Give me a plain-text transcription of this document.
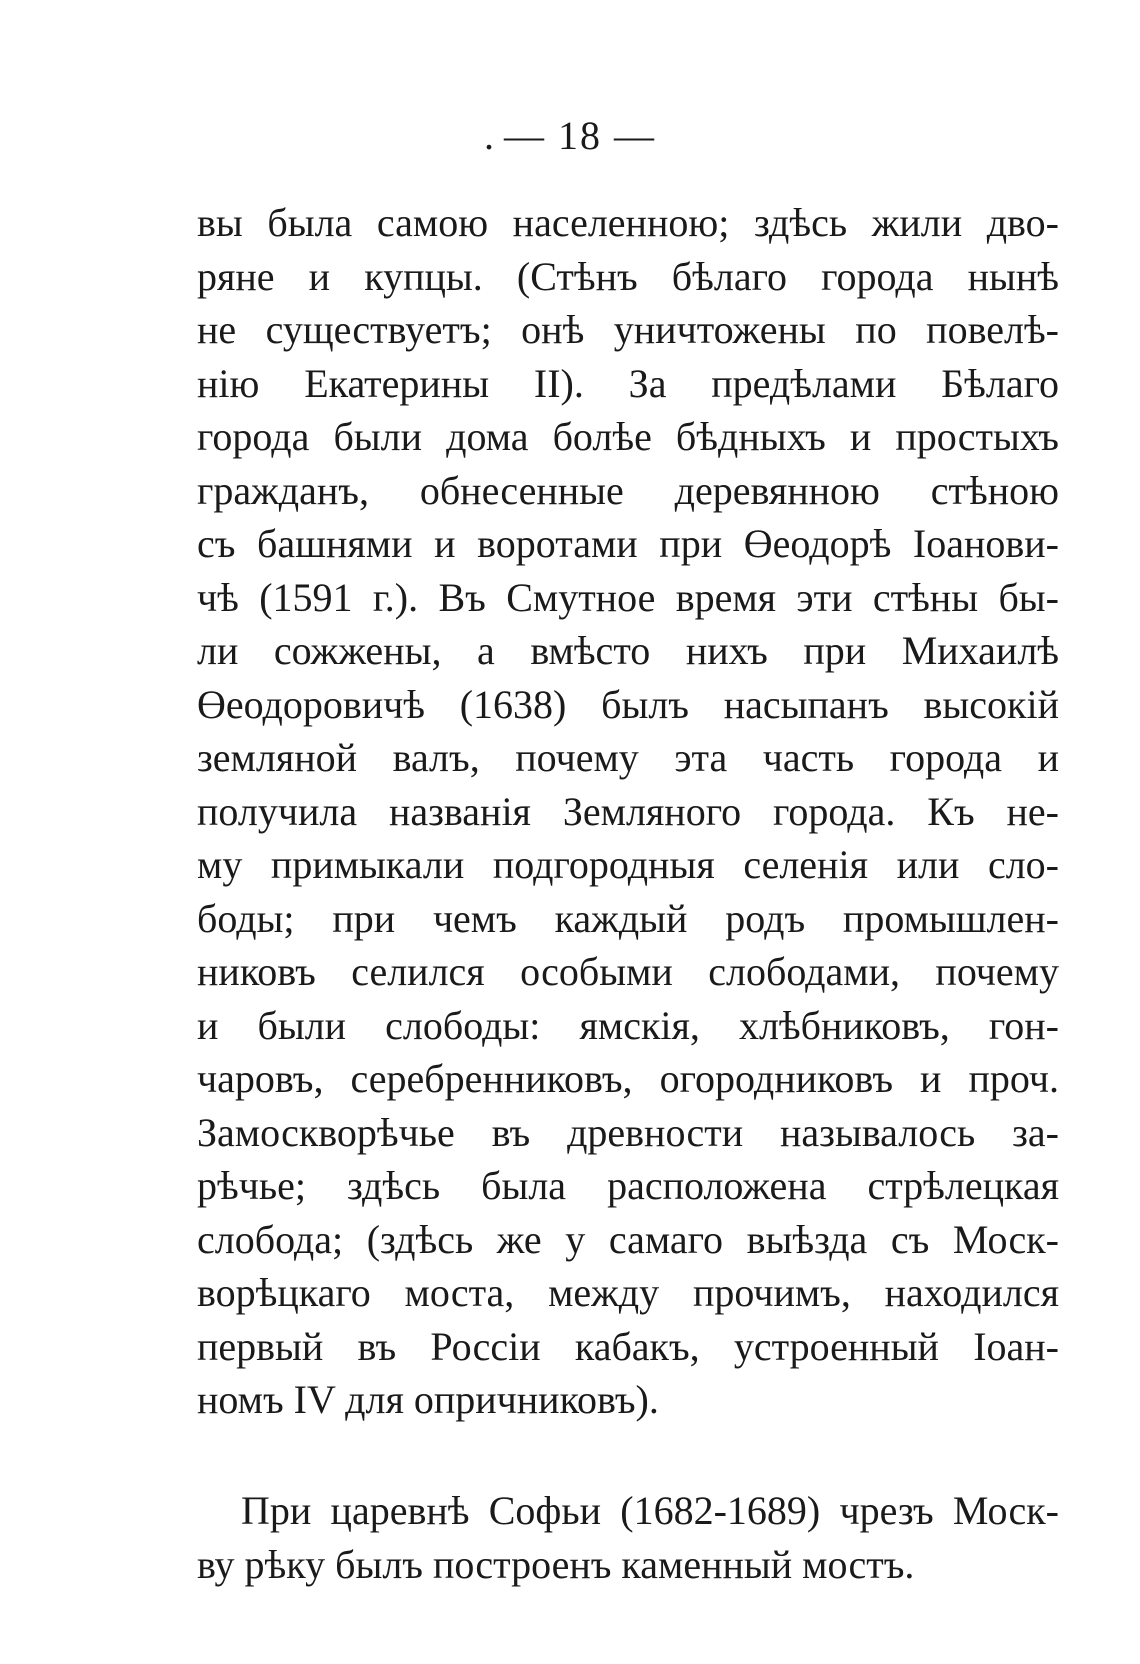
. — 18 —
вы была самою населенною; здѣсь жили дво-
ряне и купцы. (Стѣнъ бѣлаго города нынѣ
не существуетъ; онѣ уничтожены по повелѣ-
нію Екатерины II). За предѣлами Бѣлаго
города были дома болѣе бѣдныхъ и простыхъ
гражданъ, обнесенные деревянною стѣною
съ башнями и воротами при Өеодорѣ Іоанови-
чѣ (1591 г.). Въ Смутное время эти стѣны бы-
ли сожжены, а вмѣсто нихъ при Михаилѣ
Өеодоровичѣ (1638) былъ насыпанъ высокій
земляной валъ, почему эта часть города и
получила названія Земляного города. Къ не-
му примыкали подгородныя селенія или сло-
боды; при чемъ каждый родъ промышлен-
никовъ селился особыми слободами, почему
и были слободы: ямскія, хлѣбниковъ, гон-
чаровъ, серебренниковъ, огородниковъ и проч.
Замоскворѣчье въ древности называлось за-
рѣчье; здѣсь была расположена стрѣлецкая
слобода; (здѣсь же у самаго выѣзда съ Моск-
ворѣцкаго моста, между прочимъ, находился
первый въ Россіи кабакъ, устроенный Іоан-
номъ IV для опричниковъ).
При царевнѣ Софьи (1682-1689) чрезъ Моск-
ву рѣку былъ построенъ каменный мостъ.
